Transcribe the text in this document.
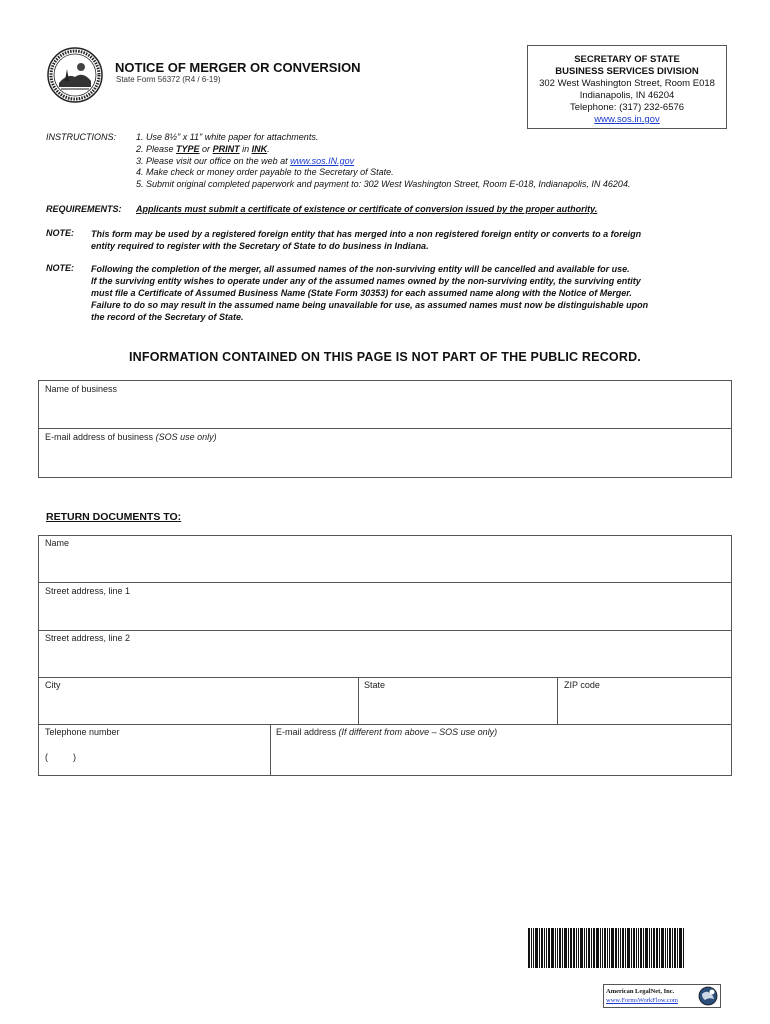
NOTICE OF MERGER OR CONVERSION
State Form 56372 (R4 / 6-19)
SECRETARY OF STATE
BUSINESS SERVICES DIVISION
302 West Washington Street, Room E018
Indianapolis, IN 46204
Telephone: (317) 232-6576
www.sos.in.gov
INSTRUCTIONS: 1. Use 8½" x 11" white paper for attachments.
2. Please TYPE or PRINT in INK.
3. Please visit our office on the web at www.sos.IN.gov
4. Make check or money order payable to the Secretary of State.
5. Submit original completed paperwork and payment to: 302 West Washington Street, Room E-018, Indianapolis, IN 46204.
REQUIREMENTS: Applicants must submit a certificate of existence or certificate of conversion issued by the proper authority.
NOTE: This form may be used by a registered foreign entity that has merged into a non registered foreign entity or converts to a foreign
entity required to register with the Secretary of State to do business in Indiana.
NOTE: Following the completion of the merger, all assumed names of the non-surviving entity will be cancelled and available for use.
If the surviving entity wishes to operate under any of the assumed names owned by the non-surviving entity, the surviving entity
must file a Certificate of Assumed Business Name (State Form 30353) for each assumed name along with the Notice of Merger.
Failure to do so may result in the assumed name being unavailable for use, as assumed names must now be distinguishable upon
the record of the Secretary of State.
INFORMATION CONTAINED ON THIS PAGE IS NOT PART OF THE PUBLIC RECORD.
Name of business
E-mail address of business (SOS use only)
RETURN DOCUMENTS TO:
Name
Street address, line 1
Street address, line 2
City	State	ZIP code
Telephone number
(          )
E-mail address (If different from above – SOS use only)
American LegalNet, Inc.
www.FormsWorkFlow.com
